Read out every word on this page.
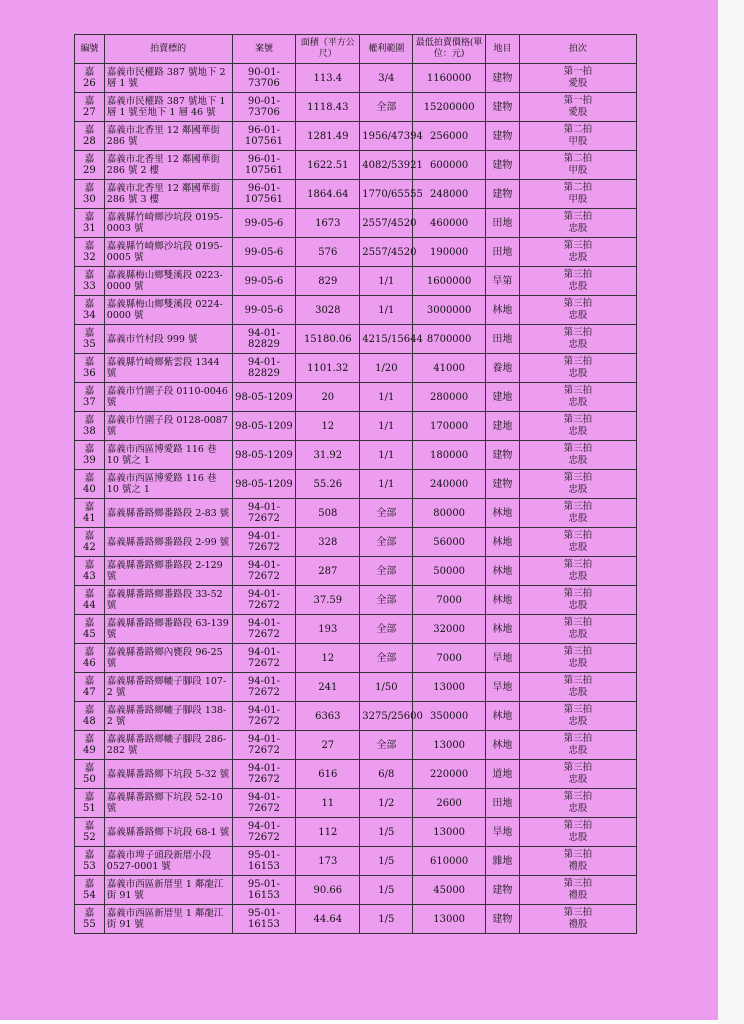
編號	拍賣標的	案號	面積（平方公尺）	權利範圍	最低拍賣價格(單位：元)	地目	拍次
嘉 26	嘉義市民權路 387 號地下 2 層 1 號	90-01-73706	113.4	3/4	1160000	建物	第一拍
愛股

嘉 27	嘉義市民權路 387 號地下 1 層 1 號至地下 1 層 46 號	90-01-73706	1118.43	全部	15200000	建物	第一拍
愛股

嘉 28	嘉義市北香里 12 鄰國華街 286 號	96-01-107561	1281.49	1956/47394	256000	建物	第二拍
甲股

嘉 29	嘉義市北香里 12 鄰國華街 286 號 2 樓	96-01-107561	1622.51	4082/53921	600000	建物	第二拍
甲股

嘉 30	嘉義市北香里 12 鄰國華街 286 號 3 樓	96-01-107561	1864.64	1770/65555	248000	建物	第二拍
甲股

嘉 31	嘉義縣竹崎鄉沙坑段 0195-0003 號	99-05-6	1673	2557/4520	460000	田地	第三拍
忠股

嘉 32	嘉義縣竹崎鄉沙坑段 0195-0005 號	99-05-6	576	2557/4520	190000	田地	第三拍
忠股

嘉 33	嘉義縣梅山鄉雙溪段 0223-0000 號	99-05-6	829	1/1	1600000	旱第	第三拍
忠股

嘉 34	嘉義縣梅山鄉雙溪段 0224-0000 號	99-05-6	3028	1/1	3000000	林地	第三拍
忠股

嘉 35	嘉義市竹村段 999 號	94-01-82829	15180.06	4215/15644	8700000	田地	第三拍
忠股

嘉 36	嘉義縣竹崎鄉紫雲段 1344 號	94-01-82829	1101.32	1/20	41000	養地	第三拍
忠股

嘉 37	嘉義市竹圍子段 0110-0046 號	98-05-1209	20	1/1	280000	建地	第三拍
忠股

嘉 38	嘉義市竹圍子段 0128-0087 號	98-05-1209	12	1/1	170000	建地	第三拍
忠股

嘉 39	嘉義市西區博愛路 116 巷 10 號之 1	98-05-1209	31.92	1/1	180000	建物	第三拍
忠股

嘉 40	嘉義市西區博愛路 116 巷 10 號之 1	98-05-1209	55.26	1/1	240000	建物	第三拍
忠股

嘉 41	嘉義縣番路鄉番路段 2-83 號	94-01-72672	508	全部	80000	林地	第三拍
忠股

嘉 42	嘉義縣番路鄉番路段 2-99 號	94-01-72672	328	全部	56000	林地	第三拍
忠股

嘉 43	嘉義縣番路鄉番路段 2-129 號	94-01-72672	287	全部	50000	林地	第三拍
忠股

嘉 44	嘉義縣番路鄉番路段 33-52 號	94-01-72672	37.59	全部	7000	林地	第三拍
忠股

嘉 45	嘉義縣番路鄉番路段 63-139 號	94-01-72672	193	全部	32000	林地	第三拍
忠股

嘉 46	嘉義縣番路鄉內甕段 96-25 號	94-01-72672	12	全部	7000	旱地	第三拍
忠股

嘉 47	嘉義縣番路鄉轆子腳段 107-2 號	94-01-72672	241	1/50	13000	旱地	第三拍
忠股

嘉 48	嘉義縣番路鄉轆子腳段 138-2 號	94-01-72672	6363	3275/25600	350000	林地	第三拍
忠股

嘉 49	嘉義縣番路鄉轆子腳段 286-282 號	94-01-72672	27	全部	13000	林地	第三拍
忠股

嘉 50	嘉義縣番路鄉下坑段 5-32 號	94-01-72672	616	6/8	220000	道地	第三拍
忠股

嘉 51	嘉義縣番路鄉下坑段 52-10 號	94-01-72672	11	1/2	2600	田地	第三拍
忠股

嘉 52	嘉義縣番路鄉下坑段 68-1 號	94-01-72672	112	1/5	13000	旱地	第三拍
忠股

嘉 53	嘉義市埤子頭段新厝小段 0527-0001 號	95-01-16153	173	1/5	610000	雜地	第三拍
禮股

嘉 54	嘉義市西區新厝里 1 鄰龍江街 91 號	95-01-16153	90.66	1/5	45000	建物	第三拍
禮股

嘉 55	嘉義市西區新厝里 1 鄰龍江街 91 號	95-01-16153	44.64	1/5	13000	建物	第三拍
禮股
